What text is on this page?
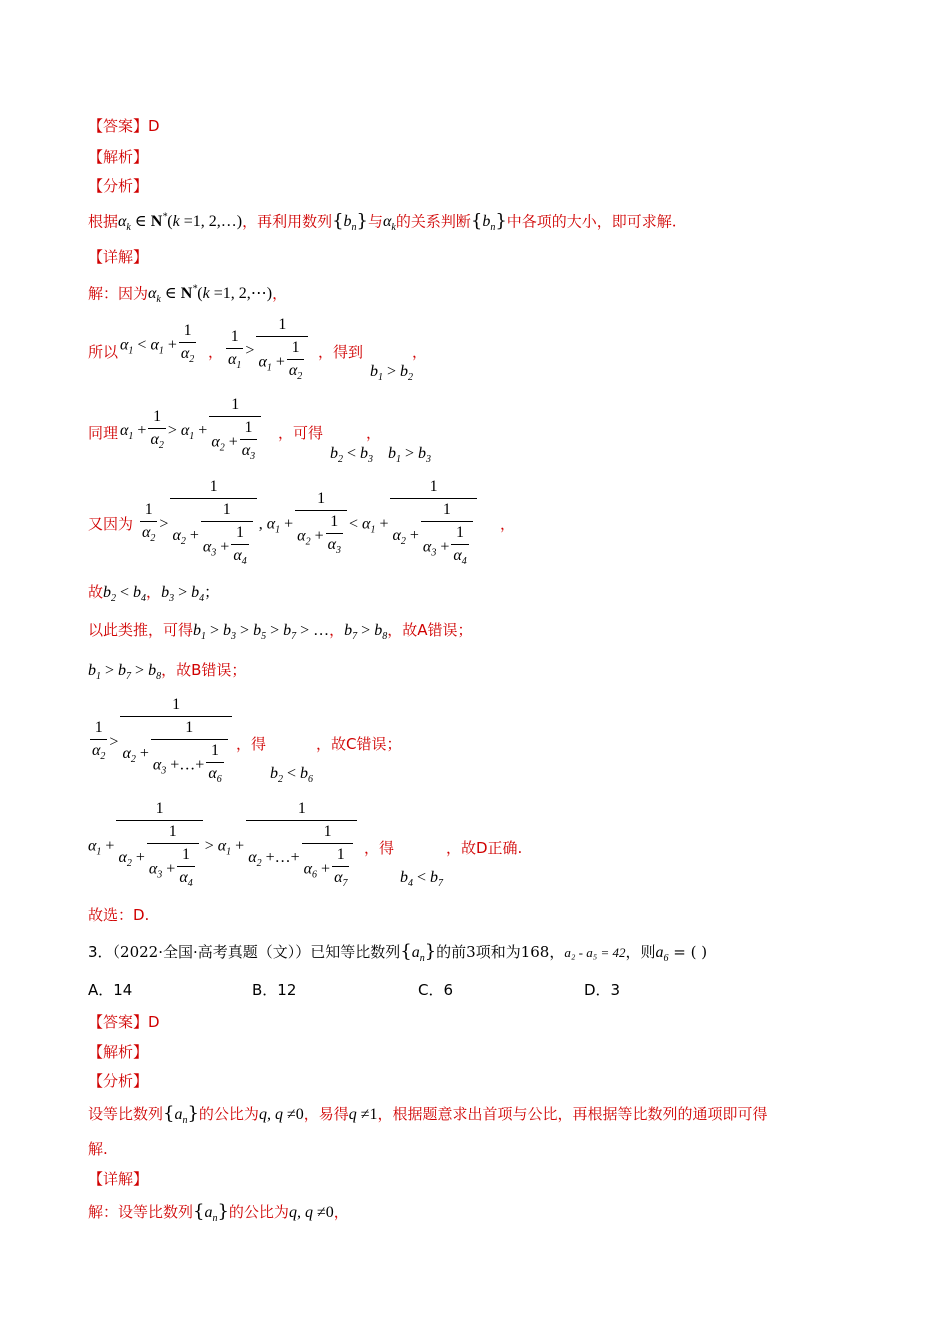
【答案】D
【解析】
【分析】
根据$\alpha_k$ ∈ N*(k =1, 2,…)，再利用数列$\{b_n\}$与$\alpha_k$的关系判断$\{b_n\}$中各项的大小，即可求解.
【详解】
解：因为$\alpha_k$ ∈ N*(k =1, 2,⋯)，
所以 $\alpha_1 < \alpha_1 + \frac{1}{\alpha_2}$ ， $\frac{1}{\alpha_1} > \frac{1}{\alpha_1 + \frac{1}{\alpha_2}}$ ，得到	，
$b_1 > b_2$
同理 $\alpha_1 + \frac{1}{\alpha_2} > \alpha_1 + \frac{1}{\alpha_2 + \frac{1}{\alpha_3}}$ ，可得	，
$b_2 < b_3$ $b_1 > b_3$
又因为 $\frac{1}{\alpha_2} > \frac{1}{\alpha_2 + \frac{1}{\alpha_3 + \frac{1}{\alpha_4}}}$ , $\alpha_1 + \frac{1}{\alpha_2 + \frac{1}{\alpha_3}} < \alpha_1 + \frac{1}{\alpha_2 + \frac{1}{\alpha_3 + \frac{1}{\alpha_4}}}$ ，
故$b_2 < b_4$，$b_3 > b_4$；
以此类推，可得$b_1 > b_3 > b_5 > b_7$ > …，$b_7 > b_8$，故A错误；
$b_1 > b_7 > b_8$，故B错误；
$\frac{1}{\alpha_2} > \frac{1}{\alpha_2 + \frac{1}{\alpha_3 +\dots+ \frac{1}{\alpha_6}}}$ ，得	，故C错误；
$b_2 < b_6$
$\alpha_1 + \frac{1}{\alpha_2 + \frac{1}{\alpha_3 + \frac{1}{\alpha_4}}} > \alpha_1 + \frac{1}{\alpha_2 +\dots+ \frac{1}{\alpha_6 + \frac{1}{\alpha_7}}}$ ，得	，故D正确.
$b_4 < b_7$
故选：D.
3．（2022·全国·高考真题（文））已知等比数列$\{a_n\}$的前3项和为168，a₂ - a₅ = 42，则$a_6$ = ( )
A．14	B．12	C．6	D．3
【答案】D
【解析】
【分析】
设等比数列$\{a_n\}$的公比为q, q ≠0，易得q ≠1，根据题意求出首项与公比，再根据等比数列的通项即可得
解.
【详解】
解：设等比数列$\{a_n\}$的公比为q, q ≠0，
